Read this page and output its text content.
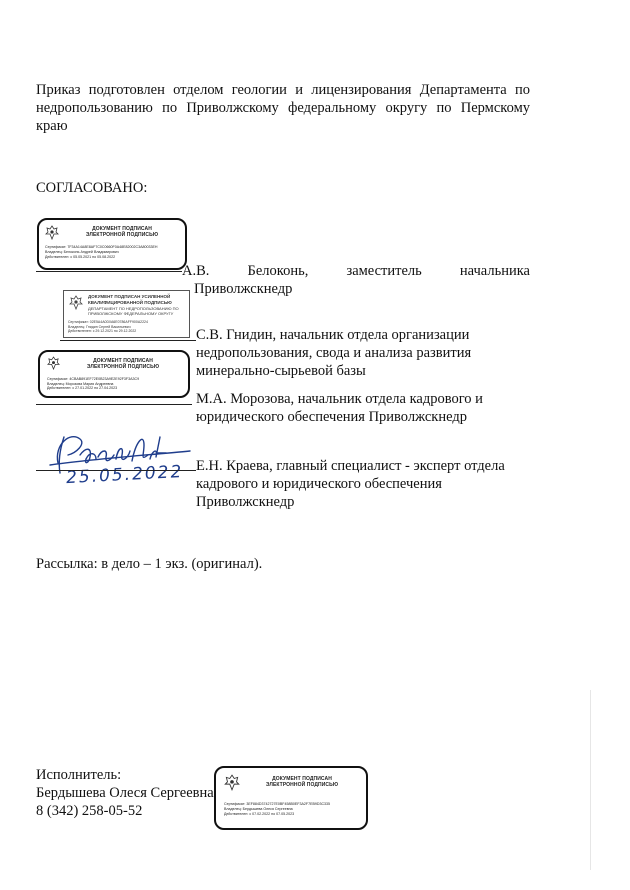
Приказ подготовлен отделом геологии и лицензирования Департамента по недропользованию по Приволжскому федеральному округу по Пермскому краю
СОГЛАСОВАНО:
ДОКУМЕНТ ПОДПИСАН
ЭЛЕКТРОННОЙ ПОДПИСЬЮ
Сертификат: 7F34A14A8E8AF7C0C0660F0A48E82002C3A80033EH
Владелец: Белоконь Андрей Владимирович
Действителен: с 05.05.2021 по 05.08.2022
А.В.	Белоконь,	заместитель	начальника
Приволжскнедр
ДОКУМЕНТ ПОДПИСАН УСИЛЕННОЙ
КВАЛИФИЦИРОВАННОЙ ПОДПИСЬЮ
ДЕПАРТАМЕНТ ПО НЕДРОПОЛЬЗОВАНИЮ ПО
ПРИВОЛЖСКОМУ ФЕДЕРАЛЬНОМУ ОКРУГУ
Сертификат: 02E5A4A0D0A6E0786AFF900A2224
Владелец: Гнидин Сергей Васильевич
Действителен: с 29.12.2021 по 29.12.2022	С.В. Гнидин, начальник отдела организации
недропользования, свода и анализа развития
минерально-сырьевой базы
ДОКУМЕНТ ПОДПИСАН
ЭЛЕКТРОННОЙ ПОДПИСЬЮ
Сертификат: 4CBAB891EF72E0B23A9E2E92F3F3A3C9
Владелец: Морозова Мария Андреевна
Действителен: с 27.01.2022 по 27.04.2023
М.А. Морозова, начальник отдела кадрового и
юридического обеспечения Приволжскнедр
25.05.2022 Е.Н. Краева, главный специалист - эксперт отдела
кадрового и юридического обеспечения
Приволжскнедр
Рассылка: в дело – 1 экз. (оригинал).
Исполнитель:
Бердышева Олеся Сергеевна
8 (342) 258-05-52
ДОКУМЕНТ ПОДПИСАН
ЭЛЕКТРОННОЙ ПОДПИСЬЮ
Сертификат: 3EF884D3742727E0BF458B0EF3A2F7EB9D3C335
Владелец: Бердышева Олеся Сергеевна
Действителен: с 07.02.2022 по 07.05.2023
